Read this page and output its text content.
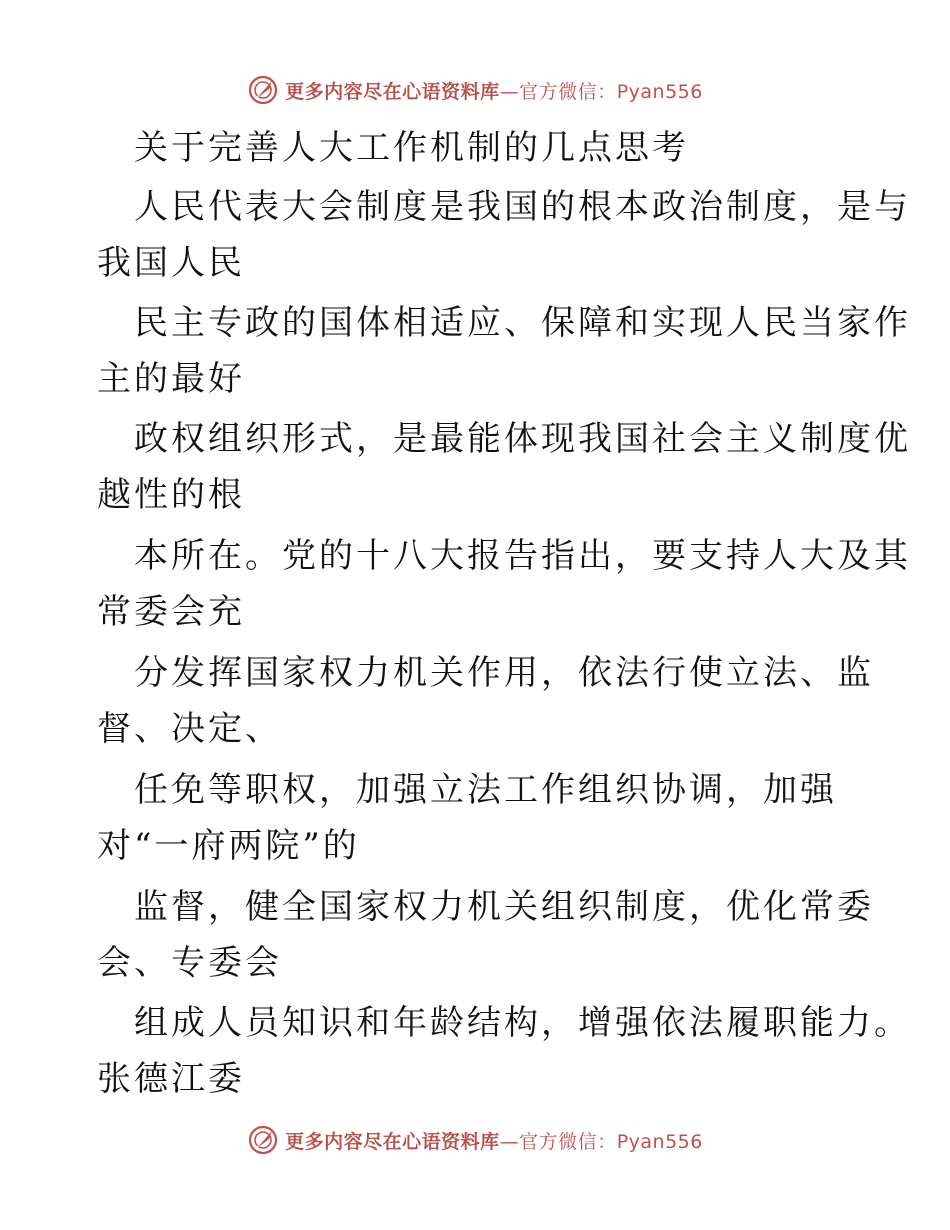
更多内容尽在心语资料库—官方微信：Pyan556
关于完善人大工作机制的几点思考
人民代表大会制度是我国的根本政治制度，是与
我国人民
民主专政的国体相适应、保障和实现人民当家作
主的最好
政权组织形式，是最能体现我国社会主义制度优
越性的根
本所在。党的十八大报告指出，要支持人大及其
常委会充
分发挥国家权力机关作用，依法行使立法、监
督、决定、
任免等职权，加强立法工作组织协调，加强
对“一府两院”的
监督，健全国家权力机关组织制度，优化常委
会、专委会
组成人员知识和年龄结构，增强依法履职能力。
张德江委
更多内容尽在心语资料库—官方微信：Pyan556
